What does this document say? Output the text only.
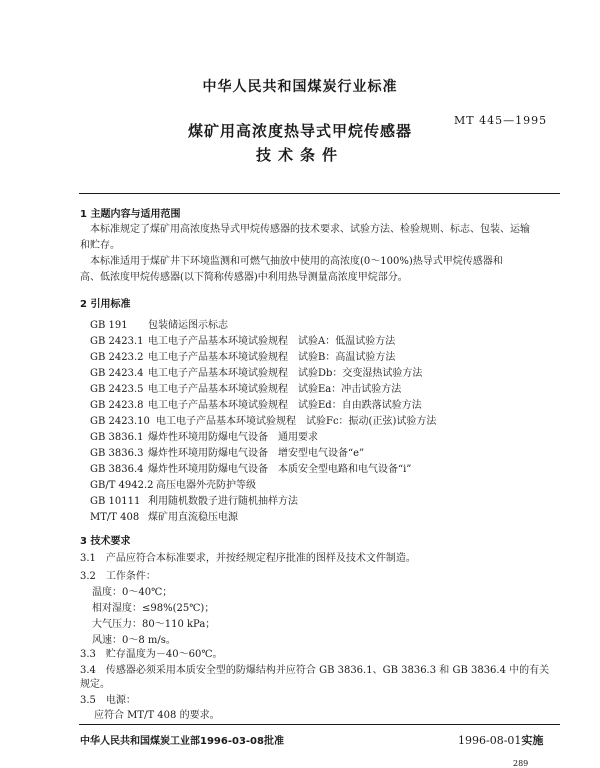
中华人民共和国煤炭行业标准
MT 445—1995
煤矿用高浓度热导式甲烷传感器
技术条件
1 主题内容与适用范围
本标准规定了煤矿用高浓度热导式甲烷传感器的技术要求、试验方法、检验规则、标志、包装、运输
和贮存。
本标准适用于煤矿井下环境监测和可燃气抽放中使用的高浓度(0～100%)热导式甲烷传感器和
高、低浓度甲烷传感器(以下简称传感器)中利用热导测量高浓度甲烷部分。
2 引用标准
GB 191 包装储运图示标志
GB 2423.1 电工电子产品基本环境试验规程　试验A：低温试验方法
GB 2423.2 电工电子产品基本环境试验规程　试验B：高温试验方法
GB 2423.4 电工电子产品基本环境试验规程　试验Db：交变湿热试验方法
GB 2423.5 电工电子产品基本环境试验规程　试验Ea：冲击试验方法
GB 2423.8 电工电子产品基本环境试验规程　试验Ed：自由跌落试验方法
GB 2423.10 电工电子产品基本环境试验规程　试验Fc：振动(正弦)试验方法
GB 3836.1 爆炸性环境用防爆电气设备　通用要求
GB 3836.3 爆炸性环境用防爆电气设备　增安型电气设备“e”
GB 3836.4 爆炸性环境用防爆电气设备　本质安全型电路和电气设备“i”
GB/T 4942.2 高压电器外壳防护等级
GB 10111 利用随机数骰子进行随机抽样方法
MT/T 408 煤矿用直流稳压电源
3 技术要求
3.1　产品应符合本标准要求，并按经规定程序批准的图样及技术文件制造。
3.2　工作条件：
温度：0～40℃；
相对湿度：≤98%(25℃)；
大气压力：80～110 kPa；
风速：0～8 m/s。
3.3　贮存温度为－40～60℃。
3.4　传感器必须采用本质安全型的防爆结构并应符合 GB 3836.1、GB 3836.3 和 GB 3836.4 中的有关
规定。
3.5　电源：
应符合 MT/T 408 的要求。
中华人民共和国煤炭工业部1996-03-08批准	1996-08-01实施
289
